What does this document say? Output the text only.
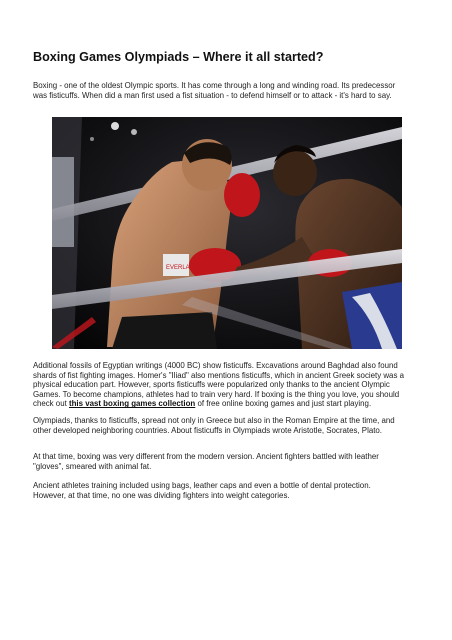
Boxing Games Olympiads – Where it all started?

Boxing - one of the oldest Olympic sports. It has come through a long and winding road. Its predecessor was fisticuffs. When did a man first used a fist situation - to defend himself or to attack - it's hard to say.

EVERLAST

Additional fossils of Egyptian writings (4000 BC) show fisticuffs. Excavations around Baghdad also found shards of fist fighting images. Homer's "Iliad" also mentions fisticuffs, which in ancient Greek society was a physical education part. However, sports fisticuffs were popularized only thanks to the ancient Olympic Games. To become champions, athletes had to train very hard. If boxing is the thing you love, you should check out this vast boxing games collection of free online boxing games and just start playing.

Olympiads, thanks to fisticuffs, spread not only in Greece but also in the Roman Empire at the time, and other developed neighboring countries. About fisticuffs in Olympiads wrote Aristotle, Socrates, Plato.

At that time, boxing was very different from the modern version. Ancient fighters battled with leather "gloves", smeared with animal fat.

Ancient athletes training included using bags, leather caps and even a bottle of dental protection. However, at that time, no one was dividing fighters into weight categories.
